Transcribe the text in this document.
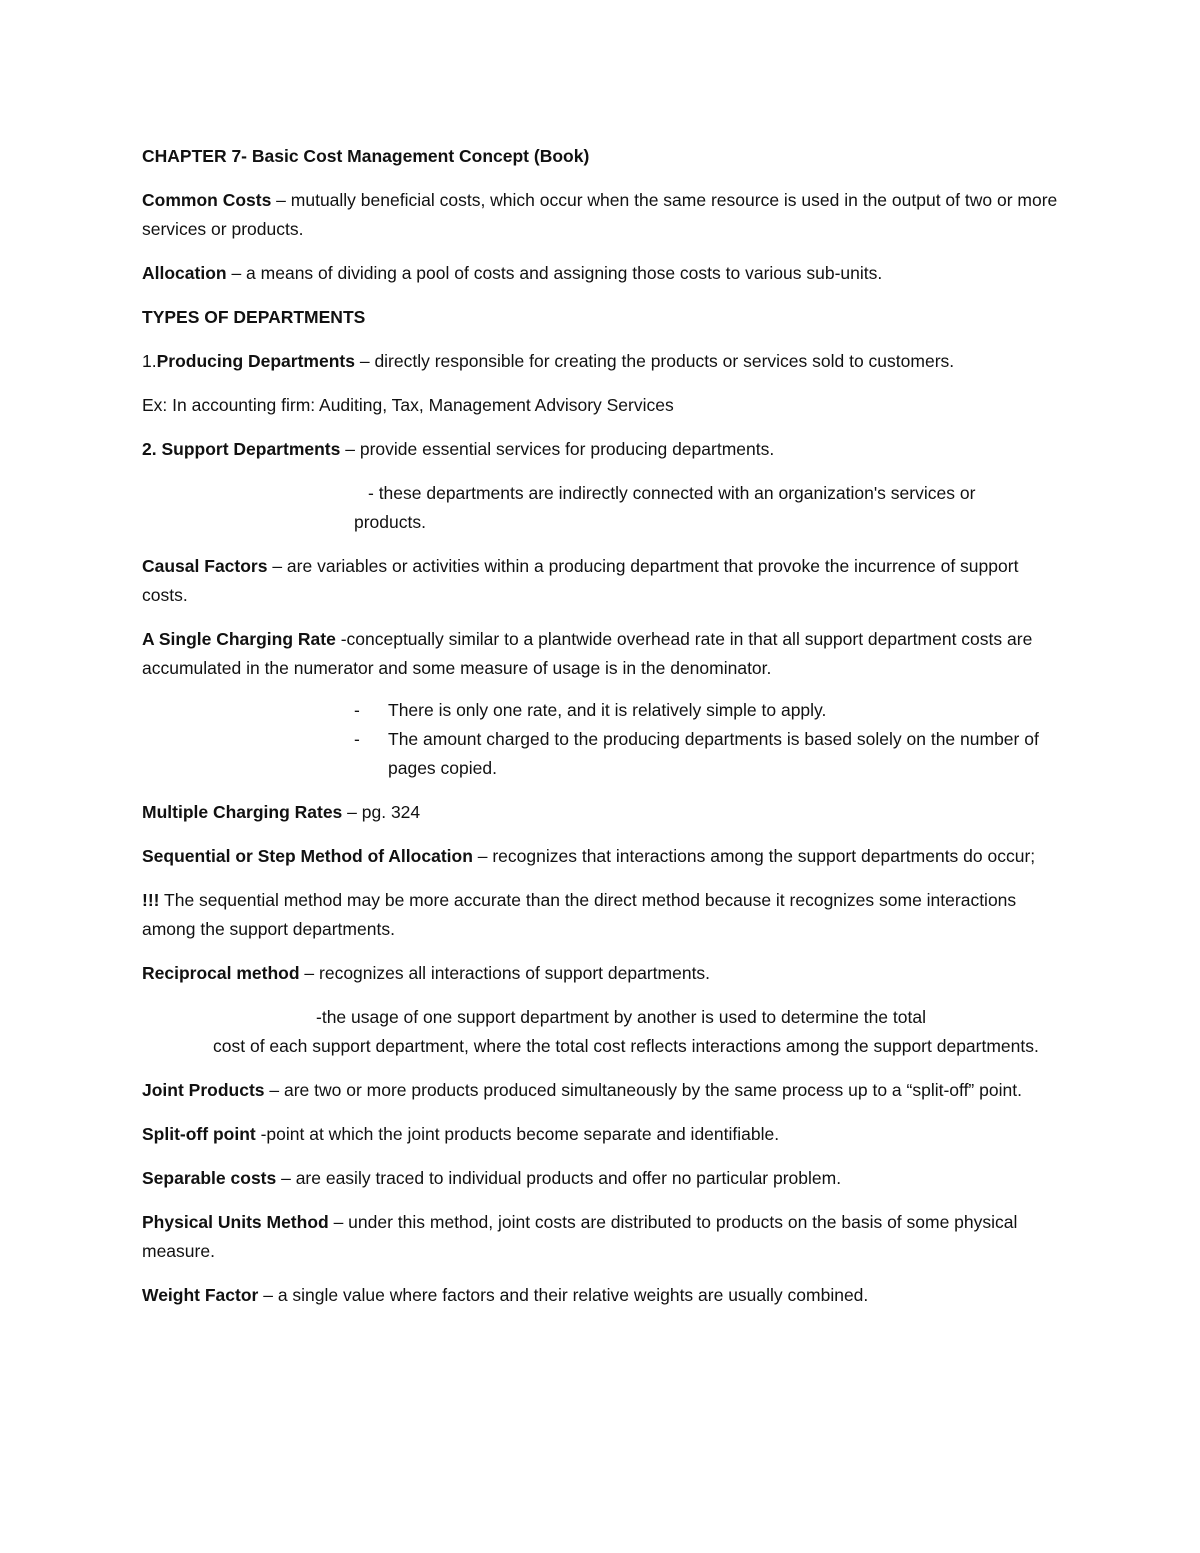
CHAPTER 7- Basic Cost Management Concept (Book)

Common Costs – mutually beneficial costs, which occur when the same resource is used in the output of two or more services or products.

Allocation – a means of dividing a pool of costs and assigning those costs to various sub-units.

TYPES OF DEPARTMENTS

1.Producing Departments – directly responsible for creating the products or services sold to customers.

Ex: In accounting firm: Auditing, Tax, Management Advisory Services

2. Support Departments – provide essential services for producing departments.

- these departments are indirectly connected with an organization's services or
products.

Causal Factors – are variables or activities within a producing department that provoke the incurrence of support costs.

A Single Charging Rate -conceptually similar to a plantwide overhead rate in that all support department costs are accumulated in the numerator and some measure of usage is in the denominator.

- There is only one rate, and it is relatively simple to apply.
- The amount charged to the producing departments is based solely on the number of pages copied.

Multiple Charging Rates – pg. 324

Sequential or Step Method of Allocation – recognizes that interactions among the support departments do occur;

!!! The sequential method may be more accurate than the direct method because it recognizes some interactions among the support departments.

Reciprocal method – recognizes all interactions of support departments.

-the usage of one support department by another is used to determine the total
cost of each support department, where the total cost reflects interactions among the support departments.

Joint Products – are two or more products produced simultaneously by the same process up to a “split-off” point.

Split-off point -point at which the joint products become separate and identifiable.

Separable costs – are easily traced to individual products and offer no particular problem.

Physical Units Method – under this method, joint costs are distributed to products on the basis of some physical measure.

Weight Factor – a single value where factors and their relative weights are usually combined.
